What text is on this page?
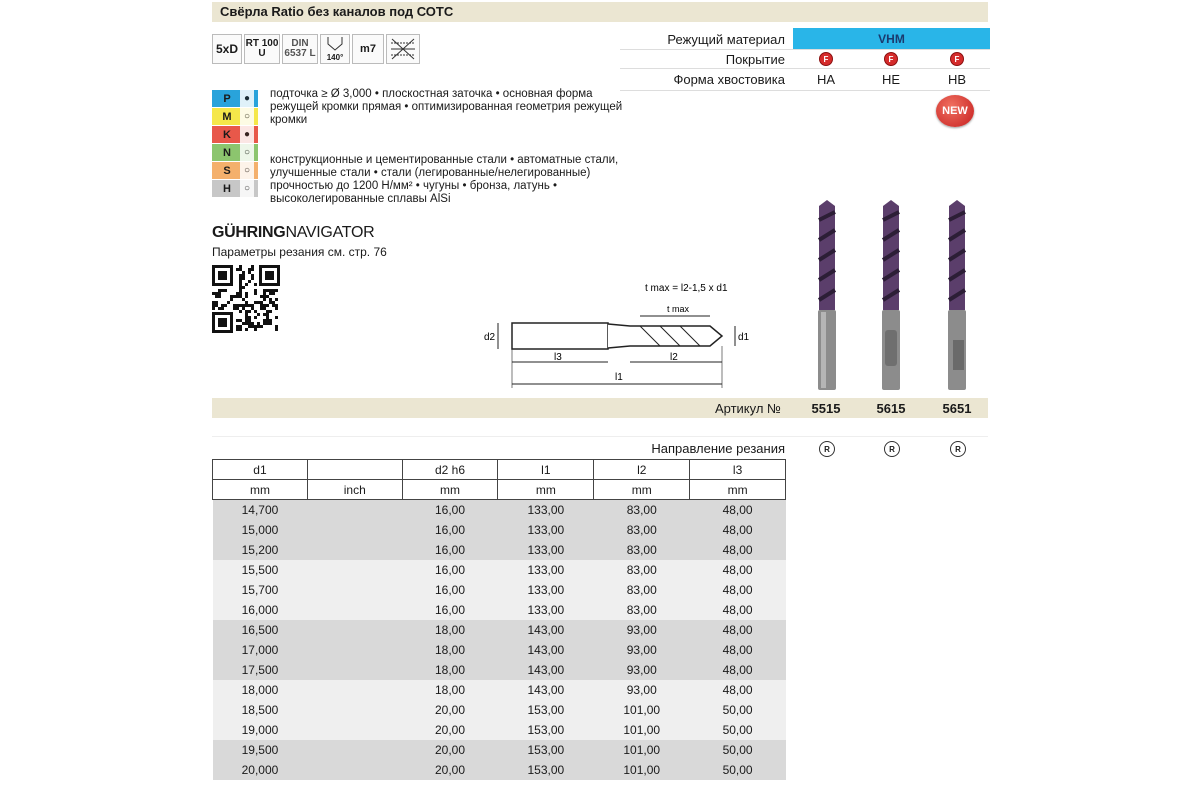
Свёрла Ratio без каналов под СОТС
5xD RT 100 U
DIN 6537 L	140°
m7
Режущий материал	VHM
Покрытие	F	F	F
Форма хвостовика	HA	HE	HB
NEW
P	●
M	○
K	●
N	○
S	○
H	○
подточка ≥ Ø 3,000 • плоскостная заточка • основная форма режущей кромки прямая • оптимизированная геометрия режущей кромки
конструкционные и цементированные стали • автоматные стали, улучшенные стали • стали (легированные/нелегированные) прочностью до 1200 Н/мм² • чугуны • бронза, латунь • высоколегированные сплавы AlSi
GÜHRINGNAVIGATOR
Параметры резания см. стр. 76
t max = l2-1,5 x d1
t max
d2	d1
l3	l2
l1
Артикул №	5515	5615	5651
Направление резания	R	R	R
d1		d2 h6	l1	l2	l3
mm	inch	mm	mm	mm	mm
14,700		16,00	133,00	83,00	48,00
15,000		16,00	133,00	83,00	48,00
15,200		16,00	133,00	83,00	48,00
15,500		16,00	133,00	83,00	48,00
15,700		16,00	133,00	83,00	48,00
16,000		16,00	133,00	83,00	48,00
16,500		18,00	143,00	93,00	48,00
17,000		18,00	143,00	93,00	48,00
17,500		18,00	143,00	93,00	48,00
18,000		18,00	143,00	93,00	48,00
18,500		20,00	153,00	101,00	50,00
19,000		20,00	153,00	101,00	50,00
19,500		20,00	153,00	101,00	50,00
20,000		20,00	153,00	101,00	50,00
